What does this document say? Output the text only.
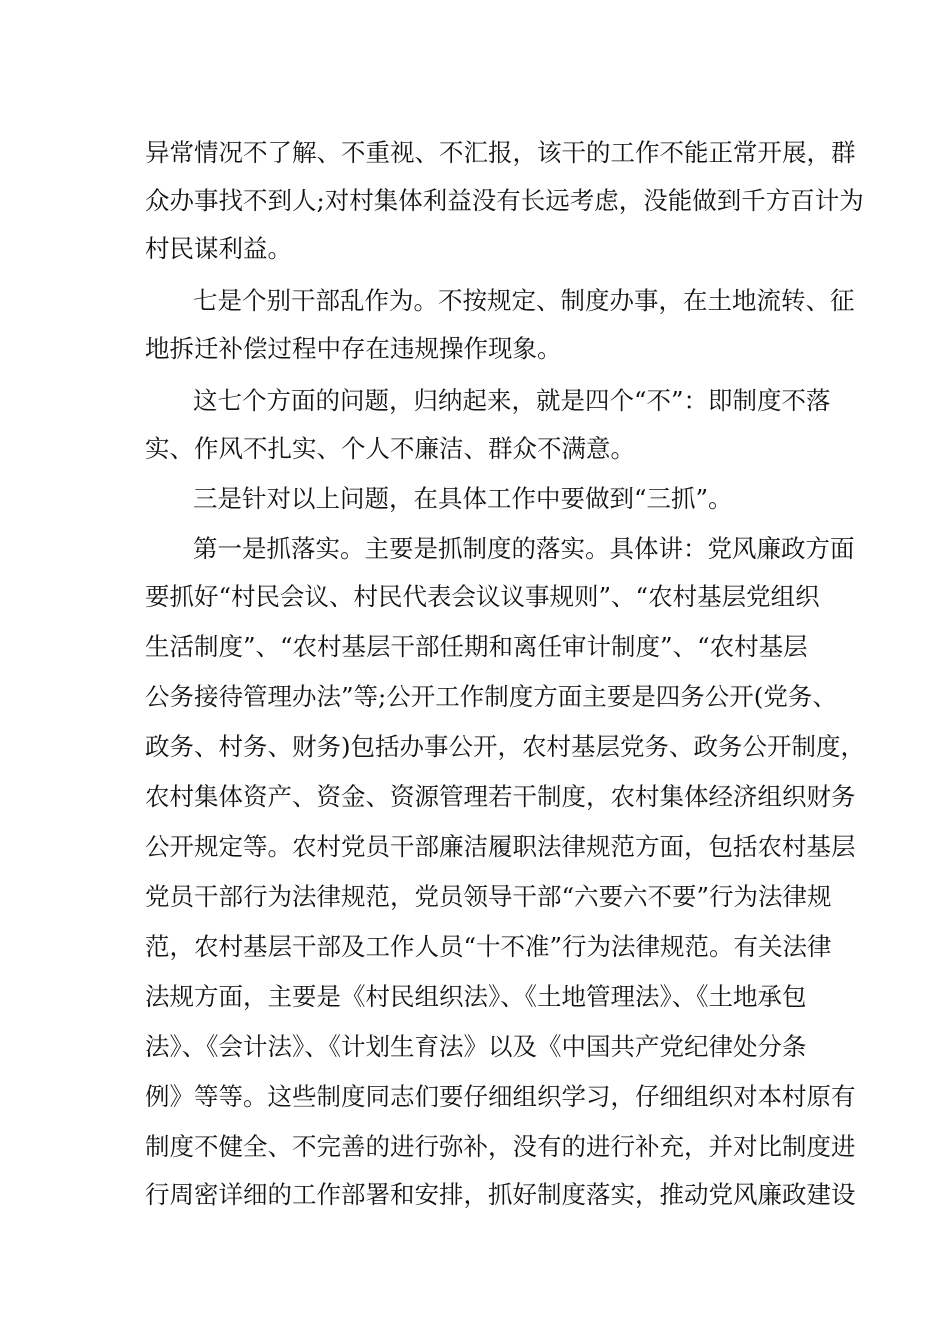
异常情况不了解、不重视、不汇报，该干的工作不能正常开展，群
众办事找不到人;对村集体利益没有长远考虑，没能做到千方百计为
村民谋利益。
七是个别干部乱作为。不按规定、制度办事，在土地流转、征
地拆迁补偿过程中存在违规操作现象。
这七个方面的问题，归纳起来，就是四个“不”：即制度不落
实、作风不扎实、个人不廉洁、群众不满意。
三是针对以上问题，在具体工作中要做到“三抓”。
第一是抓落实。主要是抓制度的落实。具体讲：党风廉政方面
要抓好“村民会议、村民代表会议议事规则”、“农村基层党组织
生活制度”、“农村基层干部任期和离任审计制度”、“农村基层
公务接待管理办法”等;公开工作制度方面主要是四务公开(党务、
政务、村务、财务)包括办事公开，农村基层党务、政务公开制度，
农村集体资产、资金、资源管理若干制度，农村集体经济组织财务
公开规定等。农村党员干部廉洁履职法律规范方面，包括农村基层
党员干部行为法律规范，党员领导干部“六要六不要”行为法律规
范，农村基层干部及工作人员“十不准”行为法律规范。有关法律
法规方面，主要是《村民组织法》、《土地管理法》、《土地承包
法》、《会计法》、《计划生育法》以及《中国共产党纪律处分条
例》等等。这些制度同志们要仔细组织学习，仔细组织对本村原有
制度不健全、不完善的进行弥补，没有的进行补充，并对比制度进
行周密详细的工作部署和安排，抓好制度落实，推动党风廉政建设
